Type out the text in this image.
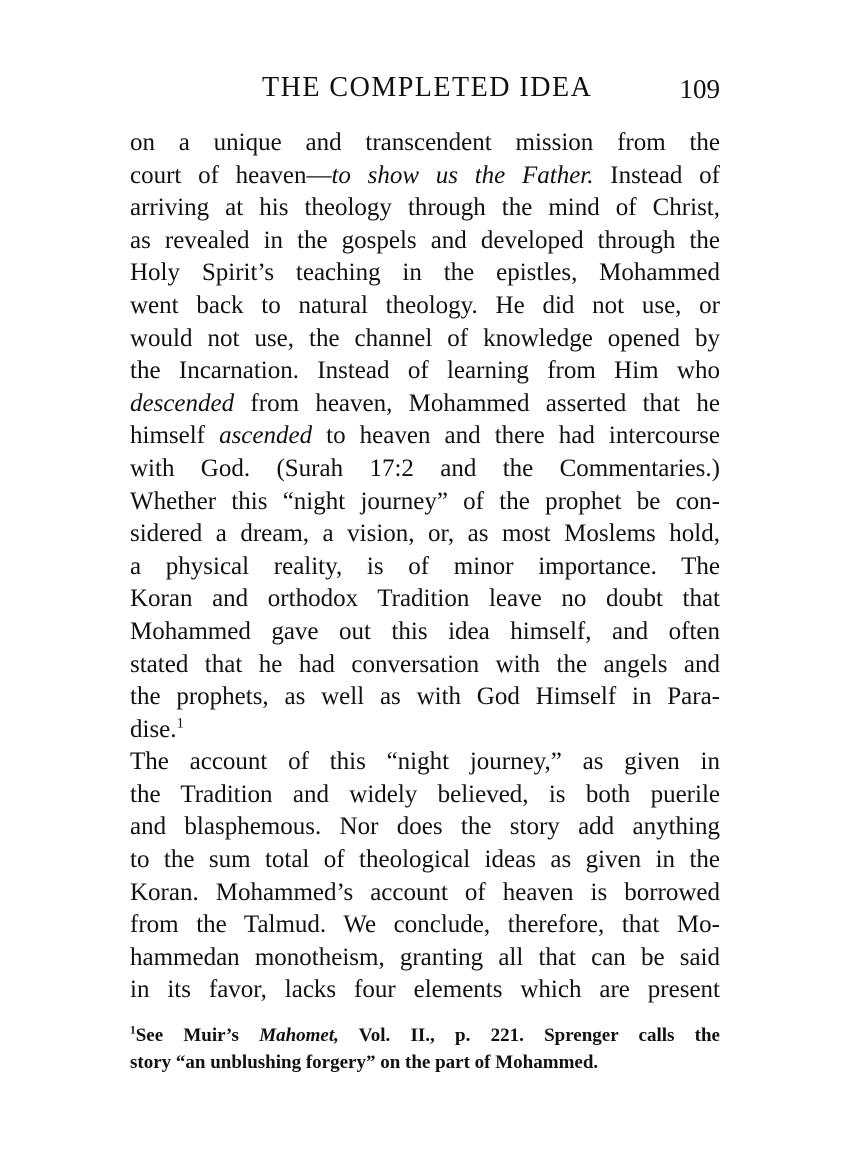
THE COMPLETED IDEA	109
on a unique and transcendent mission from the
court of heaven—to show us the Father. Instead of
arriving at his theology through the mind of Christ,
as revealed in the gospels and developed through the
Holy Spirit’s teaching in the epistles, Mohammed
went back to natural theology. He did not use, or
would not use, the channel of knowledge opened by
the Incarnation. Instead of learning from Him who
descended from heaven, Mohammed asserted that he
himself ascended to heaven and there had intercourse
with God. (Surah 17:2 and the Commentaries.)
Whether this “night journey” of the prophet be con-
sidered a dream, a vision, or, as most Moslems hold,
a physical reality, is of minor importance. The
Koran and orthodox Tradition leave no doubt that
Mohammed gave out this idea himself, and often
stated that he had conversation with the angels and
the prophets, as well as with God Himself in Para-
dise.$^1$
The account of this “night journey,” as given in
the Tradition and widely believed, is both puerile
and blasphemous. Nor does the story add anything
to the sum total of theological ideas as given in the
Koran. Mohammed’s account of heaven is borrowed
from the Talmud. We conclude, therefore, that Mo-
hammedan monotheism, granting all that can be said
in its favor, lacks four elements which are present
$^1$See Muir’s Mahomet, Vol. II., p. 221. Sprenger calls the
story “an unblushing forgery” on the part of Mohammed.
